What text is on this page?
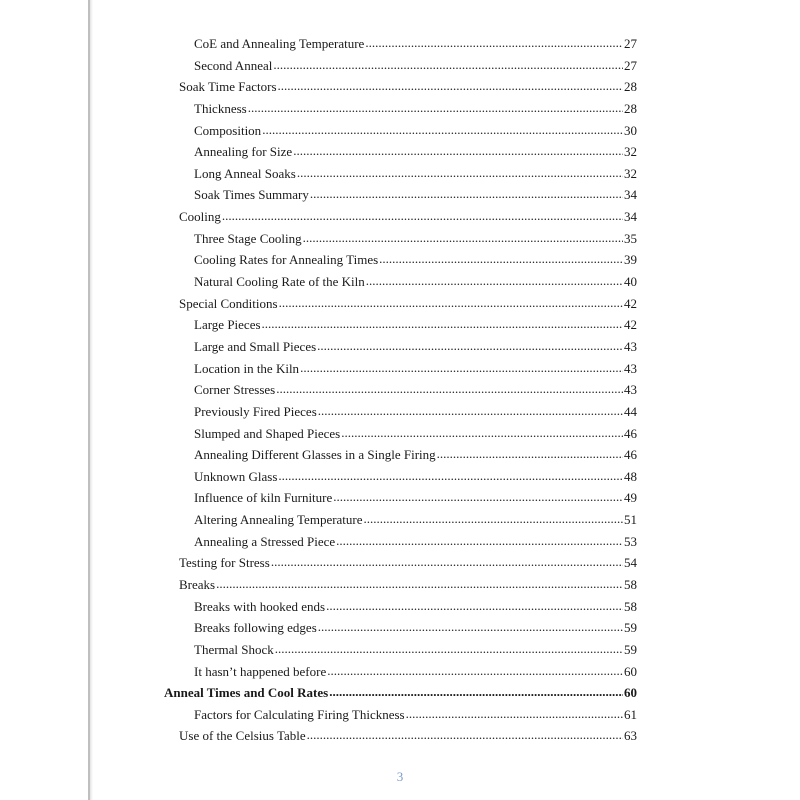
CoE and Annealing Temperature .....	27
Second Anneal .....	27
Soak Time Factors .....	28
Thickness .....	28
Composition .....	30
Annealing for Size .....	32
Long Anneal Soaks .....	32
Soak Times Summary .....	34
Cooling .....	34
Three Stage Cooling .....	35
Cooling Rates for Annealing Times .....	39
Natural Cooling Rate of the Kiln .....	40
Special Conditions .....	42
Large Pieces .....	42
Large and Small Pieces .....	43
Location in the Kiln .....	43
Corner Stresses .....	43
Previously Fired Pieces .....	44
Slumped and Shaped Pieces .....	46
Annealing Different Glasses in a Single Firing .....	46
Unknown Glass .....	48
Influence of kiln Furniture .....	49
Altering Annealing Temperature .....	51
Annealing a Stressed Piece .....	53
Testing for Stress .....	54
Breaks .....	58
Breaks with hooked ends .....	58
Breaks following edges .....	59
Thermal Shock .....	59
It hasn’t happened before .....	60
Anneal Times and Cool Rates .....	60
Factors for Calculating Firing Thickness .....	61
Use of the Celsius Table .....	63
3
